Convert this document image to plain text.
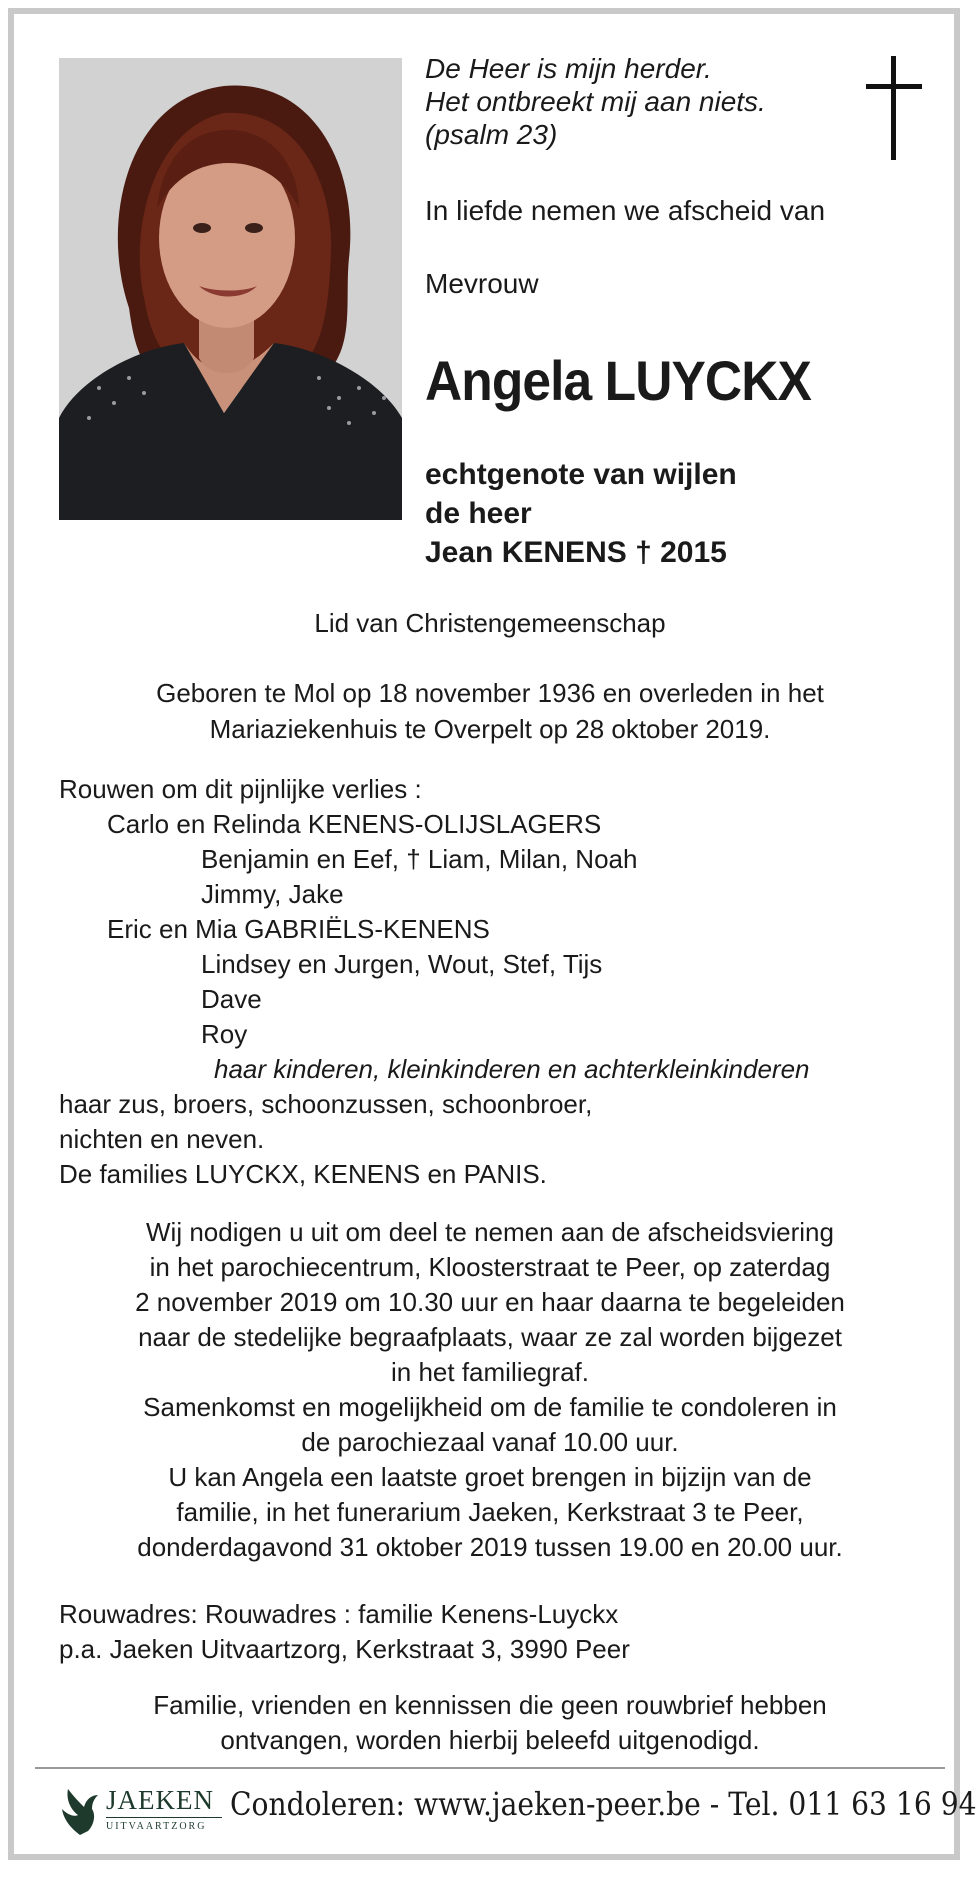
De Heer is mijn herder.
Het ontbreekt mij aan niets.
(psalm 23)
In liefde nemen we afscheid van
Mevrouw
Angela LUYCKX
echtgenote van wijlen
de heer
Jean KENENS † 2015
Lid van Christengemeenschap
Geboren te Mol op 18 november 1936 en overleden in het
Mariaziekenhuis te Overpelt op 28 oktober 2019.
Rouwen om dit pijnlijke verlies :
Carlo en Relinda KENENS-OLIJSLAGERS
Benjamin en Eef, † Liam, Milan, Noah
Jimmy, Jake
Eric en Mia GABRIËLS-KENENS
Lindsey en Jurgen, Wout, Stef, Tijs
Dave
Roy
haar kinderen, kleinkinderen en achterkleinkinderen
haar zus, broers, schoonzussen, schoonbroer,
nichten en neven.
De families LUYCKX, KENENS en PANIS.
Wij nodigen u uit om deel te nemen aan de afscheidsviering
in het parochiecentrum, Kloosterstraat te Peer, op zaterdag
2 november 2019 om 10.30 uur en haar daarna te begeleiden
naar de stedelijke begraafplaats, waar ze zal worden bijgezet
in het familiegraf.
Samenkomst en mogelijkheid om de familie te condoleren in
de parochiezaal vanaf 10.00 uur.
U kan Angela een laatste groet brengen in bijzijn van de
familie, in het funerarium Jaeken, Kerkstraat 3 te Peer,
donderdagavond 31 oktober 2019 tussen 19.00 en 20.00 uur.
Rouwadres: Rouwadres : familie Kenens-Luyckx
p.a. Jaeken Uitvaartzorg, Kerkstraat 3, 3990 Peer
Familie, vrienden en kennissen die geen rouwbrief hebben
ontvangen, worden hierbij beleefd uitgenodigd.
JAEKEN
UITVAARTZORG
Condoleren: www.jaeken-peer.be - Tel. 011 63 16 94
